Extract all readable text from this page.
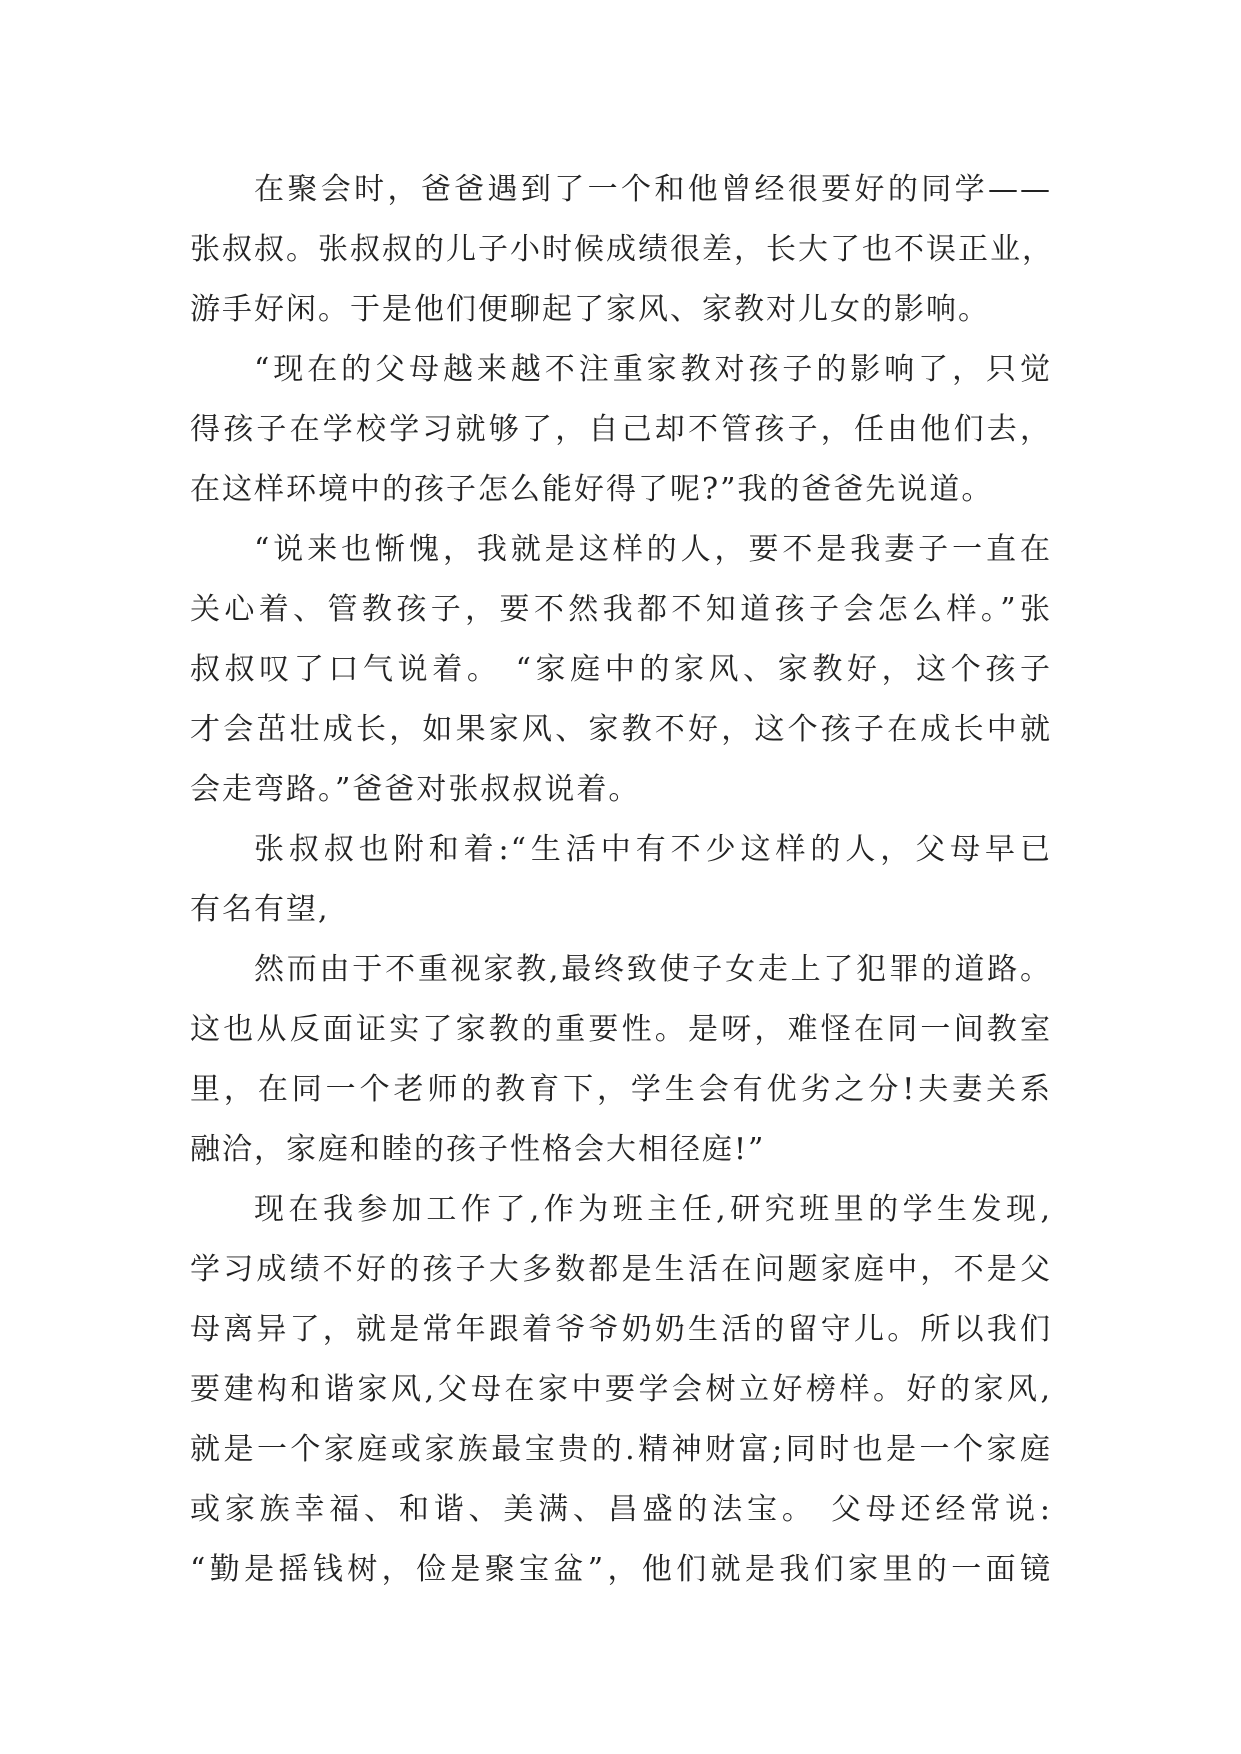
在聚会时，爸爸遇到了一个和他曾经很要好的同学——
张叔叔。张叔叔的儿子小时候成绩很差，长大了也不误正业，
游手好闲。于是他们便聊起了家风、家教对儿女的影响。
“现在的父母越来越不注重家教对孩子的影响了，只觉
得孩子在学校学习就够了，自己却不管孩子，任由他们去，
在这样环境中的孩子怎么能好得了呢?”我的爸爸先说道。
“说来也惭愧，我就是这样的人，要不是我妻子一直在
关心着、管教孩子，要不然我都不知道孩子会怎么样。”张
叔叔叹了口气说着。 “家庭中的家风、家教好，这个孩子
才会茁壮成长，如果家风、家教不好，这个孩子在成长中就
会走弯路。”爸爸对张叔叔说着。
张叔叔也附和着:“生活中有不少这样的人，父母早已
有名有望,
然而由于不重视家教,最终致使子女走上了犯罪的道路。
这也从反面证实了家教的重要性。是呀，难怪在同一间教室
里，在同一个老师的教育下，学生会有优劣之分!夫妻关系
融洽，家庭和睦的孩子性格会大相径庭!”
现在我参加工作了,作为班主任,研究班里的学生发现,
学习成绩不好的孩子大多数都是生活在问题家庭中，不是父
母离异了，就是常年跟着爷爷奶奶生活的留守儿。所以我们
要建构和谐家风,父母在家中要学会树立好榜样。好的家风,
就是一个家庭或家族最宝贵的.精神财富;同时也是一个家庭
或家族幸福、和谐、美满、昌盛的法宝。 父母还经常说:
“勤是摇钱树，俭是聚宝盆”，他们就是我们家里的一面镜
